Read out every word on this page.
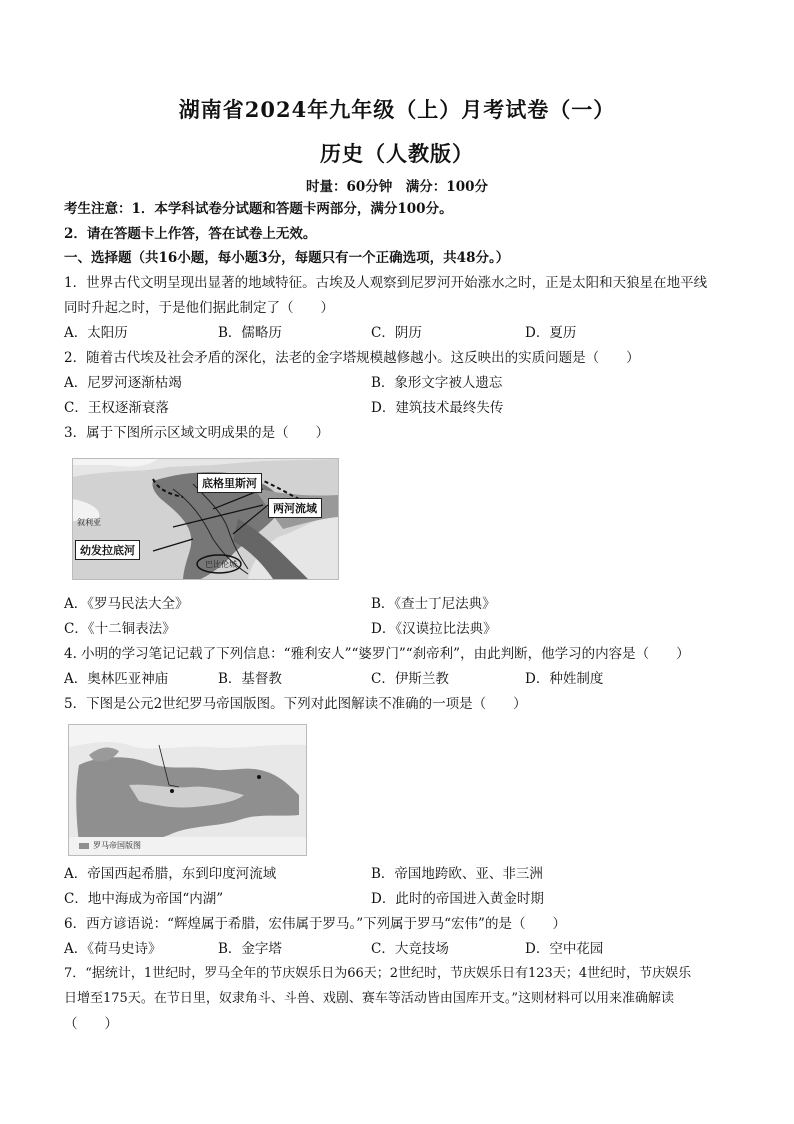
湖南省2024年九年级（上）月考试卷（一）
历史（人教版）
时量：60分钟　满分：100分
考生注意：1．本学科试卷分试题和答题卡两部分，满分100分。
2．请在答题卡上作答，答在试卷上无效。
一、选择题（共16小题，每小题3分，每题只有一个正确选项，共48分。）
1．世界古代文明呈现出显著的地域特征。古埃及人观察到尼罗河开始涨水之时，正是太阳和天狼星在地平线
同时升起之时，于是他们据此制定了（　　）
A．太阳历	B．儒略历	C．阴历	D．夏历
2．随着古代埃及社会矛盾的深化，法老的金字塔规模越修越小。这反映出的实质问题是（　　）
A．尼罗河逐渐枯竭	B．象形文字被人遗忘
C．王权逐渐衰落	D．建筑技术最终失传
3．属于下图所示区域文明成果的是（　　）
底格里斯河
两河流域
幼发拉底河
叙利亚
巴比伦城
A．《罗马民法大全》	B．《查士丁尼法典》
C．《十二铜表法》	D．《汉谟拉比法典》
4. 小明的学习笔记记载了下列信息：“雅利安人”“婆罗门”“刹帝利”，由此判断，他学习的内容是（　　）
A．奥林匹亚神庙	B．基督教	C．伊斯兰教	D．种姓制度
5．下图是公元2世纪罗马帝国版图。下列对此图解读不准确的一项是（　　）
罗马帝国版图
A．帝国西起希腊，东到印度河流域	B．帝国地跨欧、亚、非三洲
C．地中海成为帝国“内湖”	D．此时的帝国进入黄金时期
6．西方谚语说：“辉煌属于希腊，宏伟属于罗马。”下列属于罗马“宏伟”的是（　　）
A．《荷马史诗》	B．金字塔	C．大竞技场	D．空中花园
7．“据统计，1世纪时，罗马全年的节庆娱乐日为66天；2世纪时，节庆娱乐日有123天；4世纪时，节庆娱乐
日增至175天。在节日里，奴隶角斗、斗兽、戏剧、赛车等活动皆由国库开支。”这则材料可以用来准确解读
（　　）
